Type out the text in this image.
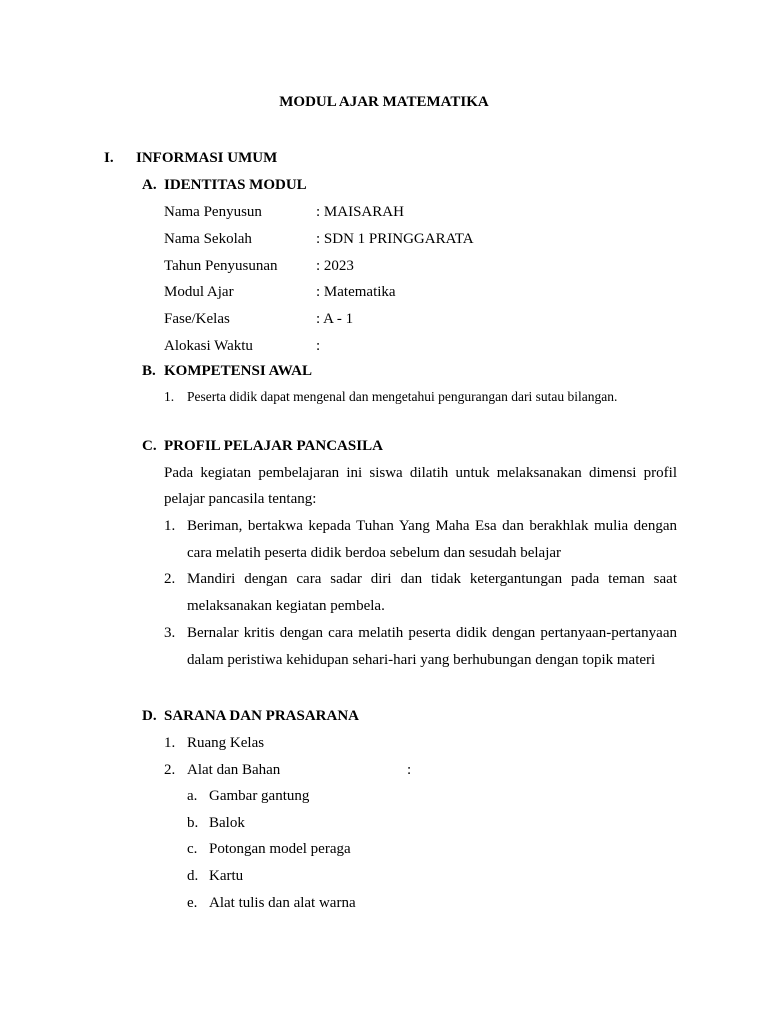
MODUL AJAR MATEMATIKA
I. INFORMASI UMUM
A. IDENTITAS MODUL
Nama Penyusun	: MAISARAH
Nama Sekolah	: SDN 1 PRINGGARATA
Tahun Penyusunan	: 2023
Modul Ajar	: Matematika
Fase/Kelas	: A - 1
Alokasi Waktu	:
B. KOMPETENSI AWAL
1. Peserta didik dapat mengenal dan mengetahui pengurangan dari sutau bilangan.
C. PROFIL PELAJAR PANCASILA
Pada kegiatan pembelajaran ini siswa dilatih untuk melaksanakan dimensi profil
pelajar pancasila tentang:
1. Beriman, bertakwa kepada Tuhan Yang Maha Esa dan berakhlak mulia dengan
cara melatih peserta didik berdoa sebelum dan sesudah belajar
2. Mandiri dengan cara sadar diri dan tidak ketergantungan pada teman saat
melaksanakan kegiatan pembela.
3. Bernalar kritis dengan cara melatih peserta didik dengan pertanyaan-pertanyaan
dalam peristiwa kehidupan sehari-hari yang berhubungan dengan topik materi
D. SARANA DAN PRASARANA
1. Ruang Kelas
2. Alat dan Bahan	:
a. Gambar gantung
b. Balok
c. Potongan model peraga
d. Kartu
e. Alat tulis dan alat warna
